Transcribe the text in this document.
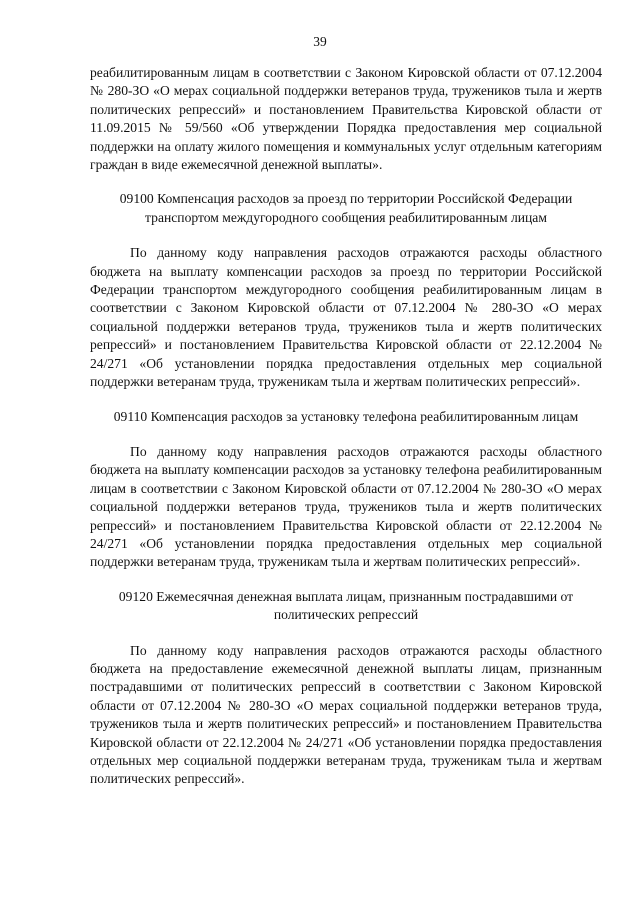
39

реабилитированным лицам в соответствии с Законом Кировской области от 07.12.2004 № 280-ЗО «О мерах социальной поддержки ветеранов труда, тружеников тыла и жертв политических репрессий» и постановлением Правительства Кировской области от 11.09.2015 № 59/560 «Об утверждении Порядка предоставления мер социальной поддержки на оплату жилого помещения и коммунальных услуг отдельным категориям граждан в виде ежемесячной денежной выплаты».

09100 Компенсация расходов за проезд по территории Российской Федерации транспортом междугородного сообщения реабилитированным лицам

По данному коду направления расходов отражаются расходы областного бюджета на выплату компенсации расходов за проезд по территории Российской Федерации транспортом междугородного сообщения реабилитированным лицам в соответствии с Законом Кировской области от 07.12.2004 № 280-ЗО «О мерах социальной поддержки ветеранов труда, тружеников тыла и жертв политических репрессий» и постановлением Правительства Кировской области от 22.12.2004 № 24/271 «Об установлении порядка предоставления отдельных мер социальной поддержки ветеранам труда, труженикам тыла и жертвам политических репрессий».

09110 Компенсация расходов за установку телефона реабилитированным лицам

По данному коду направления расходов отражаются расходы областного бюджета на выплату компенсации расходов за установку телефона реабилитированным лицам в соответствии с Законом Кировской области от 07.12.2004 № 280-ЗО «О мерах социальной поддержки ветеранов труда, тружеников тыла и жертв политических репрессий» и постановлением Правительства Кировской области от 22.12.2004 № 24/271 «Об установлении порядка предоставления отдельных мер социальной поддержки ветеранам труда, труженикам тыла и жертвам политических репрессий».

09120 Ежемесячная денежная выплата лицам, признанным пострадавшими от политических репрессий

По данному коду направления расходов отражаются расходы областного бюджета на предоставление ежемесячной денежной выплаты лицам, признанным пострадавшими от политических репрессий в соответствии с Законом Кировской области от 07.12.2004 № 280-ЗО «О мерах социальной поддержки ветеранов труда, тружеников тыла и жертв политических репрессий» и постановлением Правительства Кировской области от 22.12.2004 № 24/271 «Об установлении порядка предоставления отдельных мер социальной поддержки ветеранам труда, труженикам тыла и жертвам политических репрессий».
